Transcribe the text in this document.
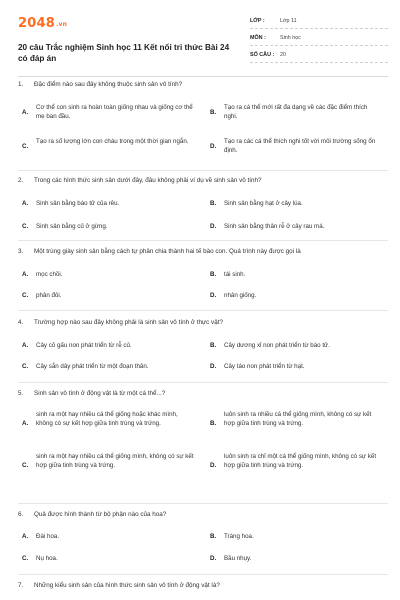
2048.vn
20 câu Trắc nghiệm Sinh học 11 Kết nối tri thức Bài 24 có đáp án
LỚP :	Lớp 11
MÔN :	Sinh học
SỐ CÂU :	20
1. Đặc điểm nào sau đây không thuộc sinh sản vô tính?
A.
Cơ thể con sinh ra hoàn toàn giống nhau và giống cơ thể mẹ ban đầu.
B.
Tạo ra cá thể mới rất đa dạng về các đặc điểm thích nghi.
C.
Tạo ra số lượng lớn con cháu trong một thời gian ngắn.
D.
Tạo ra các cá thể thích nghi tốt với môi trường sống ổn định.
2. Trong các hình thức sinh sản dưới đây, đâu không phải ví dụ về sinh sản vô tính?
A. Sinh sản bằng bào tử của rêu.	B. Sinh sản bằng hạt ở cây lúa.
C. Sinh sản bằng củ ở gừng.	D. Sinh sản bằng thân rễ ở cây rau má.
3. Một trùng giày sinh sản bằng cách tự phân chia thành hai tế bào con. Quá trình này được gọi là
A. mọc chồi.	B. tái sinh.
C. phân đôi.	D. nhân giống.
4. Trường hợp nào sau đây không phải là sinh sản vô tính ở thực vật?
A. Cây cỏ gấu non phát triển từ rễ củ.	B. Cây dương xỉ non phát triển từ bào tử.
C. Cây sắn dây phát triển từ một đoạn thân.	D. Cây táo non phát triển từ hạt.
5. Sinh sản vô tính ở động vật là từ một cá thể...?
A.
sinh ra một hay nhiều cá thể giống hoặc khác mình, không có sự kết hợp giữa tinh trùng và trứng.	B.
luôn sinh ra nhiều cá thể giống mình, không có sự kết hợp giữa tinh trùng và trứng.
C.
sinh ra một hay nhiều cá thể giống mình, không có sự kết hợp giữa tinh trùng và trứng.	D.
luôn sinh ra chỉ một cá thể giống mình, không có sự kết hợp giữa tinh trùng và trứng.
6. Quả được hình thành từ bộ phận nào của hoa?
A. Đài hoa.	B. Tràng hoa.
C. Nụ hoa.	D. Bầu nhụy.
7. Những kiểu sinh sản của hình thức sinh sản vô tính ở động vật là?
